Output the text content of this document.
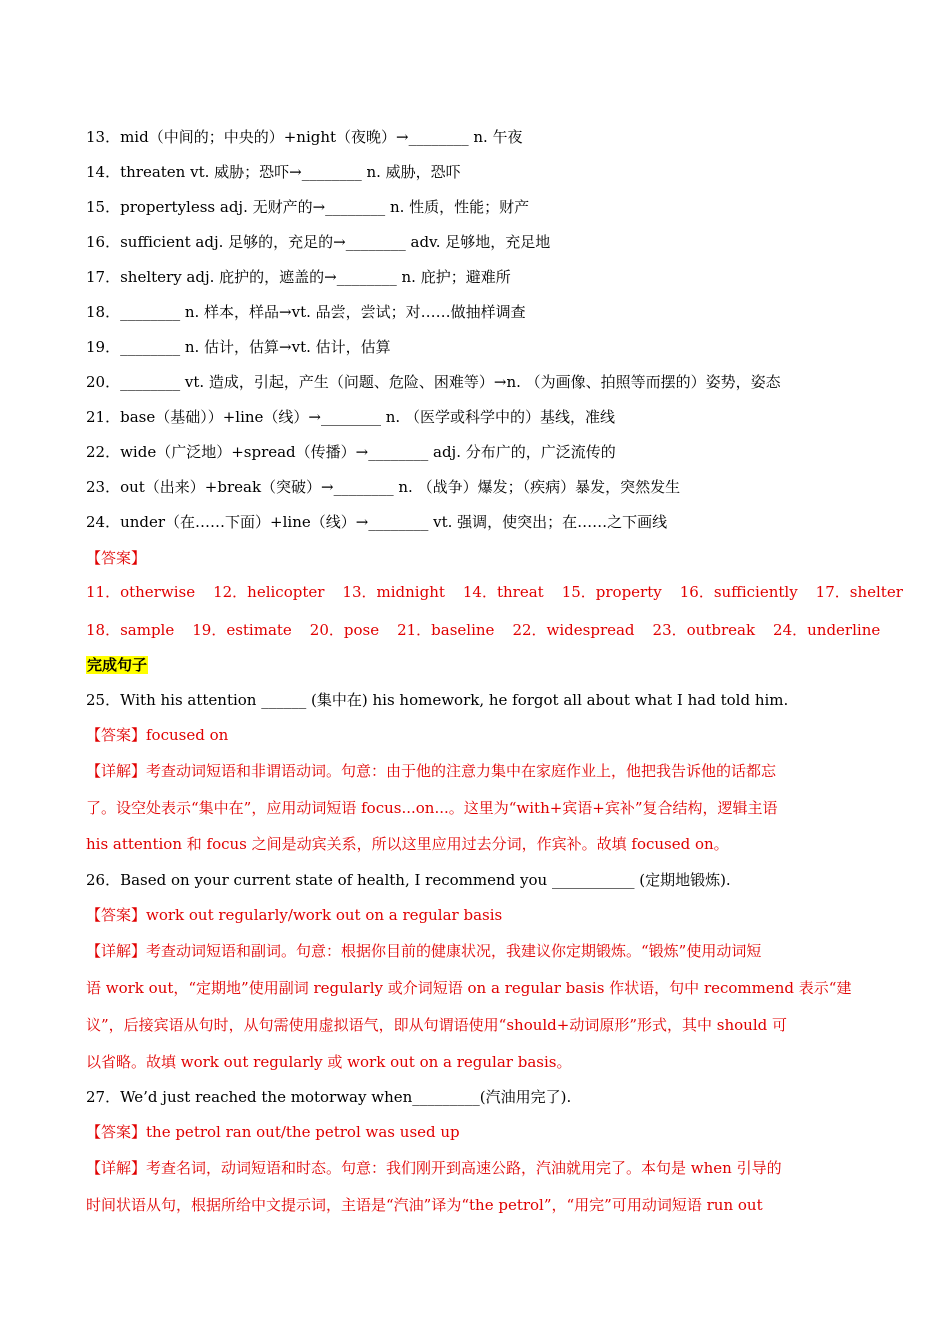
13．mid（中间的；中央的）+night（夜晚）→________ n. 午夜
14．threaten vt. 威胁；恐吓→________ n. 威胁，恐吓
15．propertyless adj. 无财产的→________ n. 性质，性能；财产
16．sufficient adj. 足够的，充足的→________ adv. 足够地，充足地
17．sheltery adj. 庇护的，遮盖的→________ n. 庇护；避难所
18．________ n. 样本，样品→vt. 品尝，尝试；对……做抽样调查
19．________ n. 估计，估算→vt. 估计，估算
20．________ vt. 造成，引起，产生（问题、危险、困难等）→n. （为画像、拍照等而摆的）姿势，姿态
21．base（基础））+line（线）→________ n. （医学或科学中的）基线，准线
22．wide（广泛地）+spread（传播）→________ adj. 分布广的，广泛流传的
23．out（出来）+break（突破）→________ n. （战争）爆发；（疾病）暴发，突然发生
24．under（在……下面）+line（线）→________ vt. 强调，使突出；在……之下画线
【答案】
11．otherwise 12．helicopter 13．midnight 14．threat 15．property 16．sufficiently 17．shelter
18．sample 19．estimate 20．pose 21．baseline 22．widespread 23．outbreak 24．underline
完成句子
25．With his attention ______ (集中在) his homework, he forgot all about what I had told him.
【答案】focused on
【详解】考查动词短语和非谓语动词。句意：由于他的注意力集中在家庭作业上，他把我告诉他的话都忘
了。设空处表示“集中在”，应用动词短语 focus...on...。这里为“with+宾语+宾补”复合结构，逻辑主语
his attention 和 focus 之间是动宾关系，所以这里应用过去分词，作宾补。故填 focused on。
26．Based on your current state of health, I recommend you ___________ (定期地锻炼).
【答案】work out regularly/work out on a regular basis
【详解】考查动词短语和副词。句意：根据你目前的健康状况，我建议你定期锻炼。“锻炼”使用动词短
语 work out，“定期地”使用副词 regularly 或介词短语 on a regular basis 作状语，句中 recommend 表示“建
议”，后接宾语从句时，从句需使用虚拟语气，即从句谓语使用“should+动词原形”形式，其中 should 可
以省略。故填 work out regularly 或 work out on a regular basis。
27．We’d just reached the motorway when_________(汽油用完了).
【答案】the petrol ran out/the petrol was used up
【详解】考查名词，动词短语和时态。句意：我们刚开到高速公路，汽油就用完了。本句是 when 引导的
时间状语从句，根据所给中文提示词，主语是“汽油”译为“the petrol”，“用完”可用动词短语 run out
